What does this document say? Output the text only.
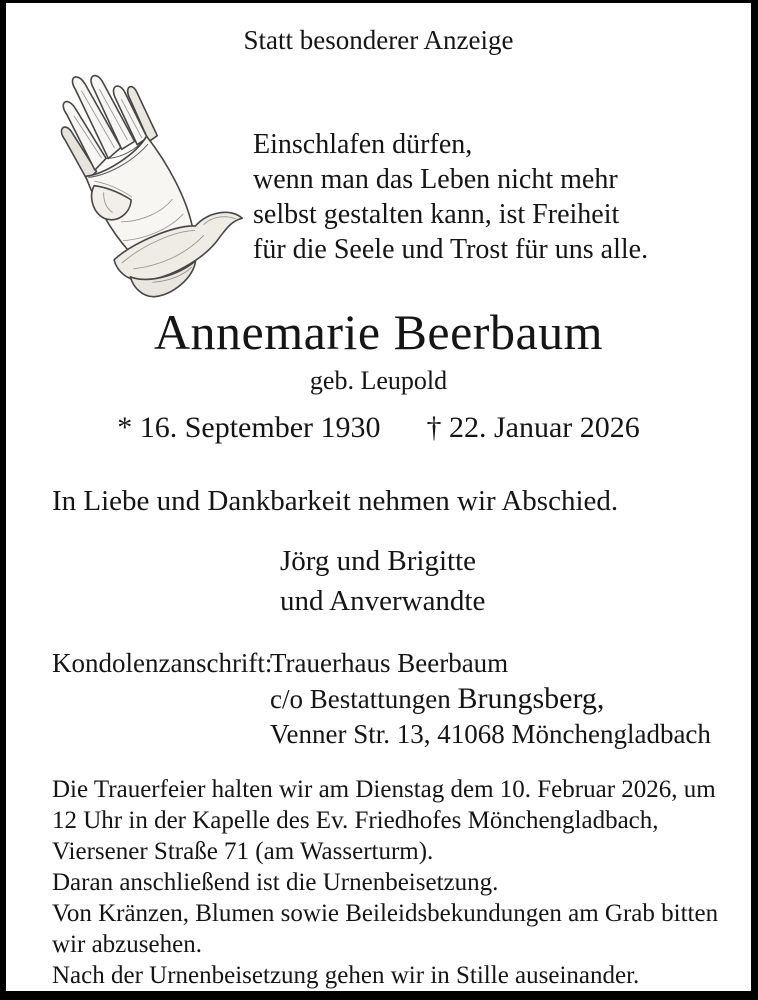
Statt besonderer Anzeige
Einschlafen dürfen,
wenn man das Leben nicht mehr
selbst gestalten kann, ist Freiheit
für die Seele und Trost für uns alle.
Annemarie Beerbaum
geb. Leupold
* 16. September 1930 † 22. Januar 2026
In Liebe und Dankbarkeit nehmen wir Abschied.
Jörg und Brigitte
und Anverwandte
Kondolenzanschrift:
Trauerhaus Beerbaum
c/o Bestattungen Brungsberg,
Venner Str. 13, 41068 Mönchengladbach
Die Trauerfeier halten wir am Dienstag dem 10. Februar 2026, um
12 Uhr in der Kapelle des Ev. Friedhofes Mönchengladbach,
Viersener Straße 71 (am Wasserturm).
Daran anschließend ist die Urnenbeisetzung.
Von Kränzen, Blumen sowie Beileidsbekundungen am Grab bitten
wir abzusehen.
Nach der Urnenbeisetzung gehen wir in Stille auseinander.
